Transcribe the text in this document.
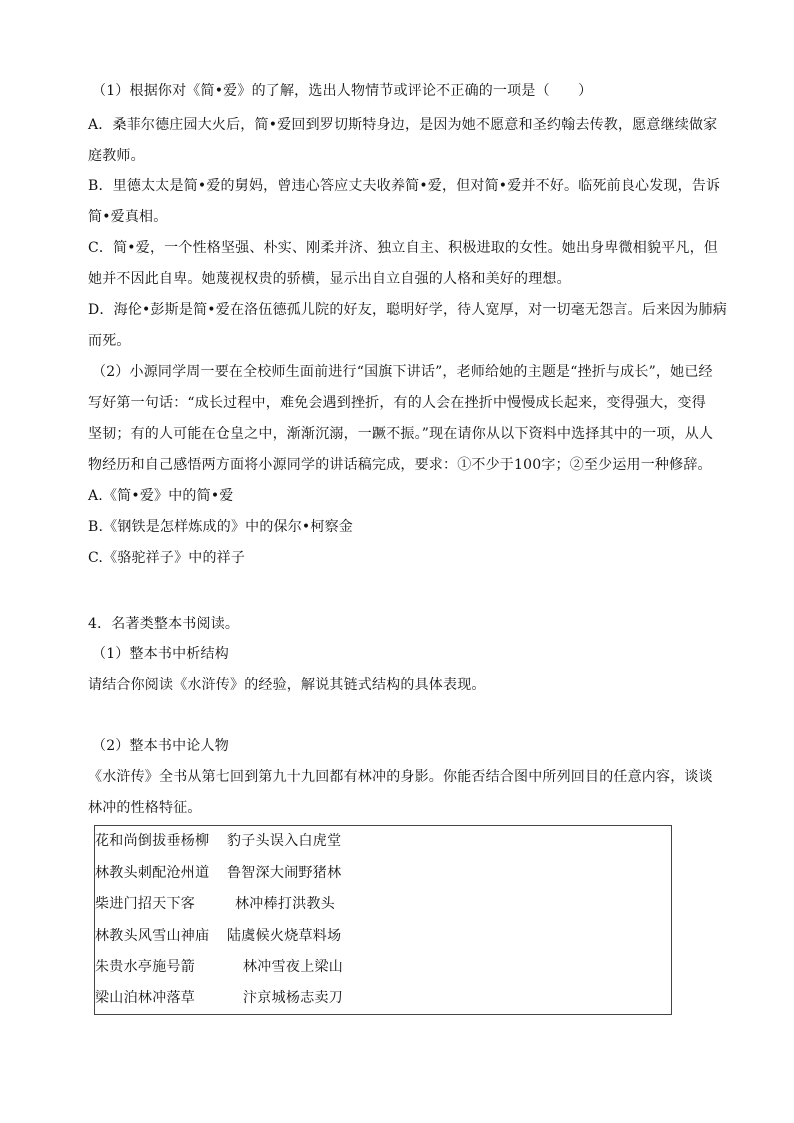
（1）根据你对《简•爱》的了解，选出人物情节或评论不正确的一项是（　　）
A．桑菲尔德庄园大火后，简•爱回到罗切斯特身边，是因为她不愿意和圣约翰去传教，愿意继续做家
庭教师。
B．里德太太是简•爱的舅妈，曾违心答应丈夫收养简•爱，但对简•爱并不好。临死前良心发现，告诉
简•爱真相。
C．简•爱，一个性格坚强、朴实、刚柔并济、独立自主、积极进取的女性。她出身卑微相貌平凡，但
她并不因此自卑。她蔑视权贵的骄横，显示出自立自强的人格和美好的理想。
D．海伦•彭斯是简•爱在洛伍德孤儿院的好友，聪明好学，待人宽厚，对一切毫无怨言。后来因为肺病
而死。
（2）小源同学周一要在全校师生面前进行“国旗下讲话”，老师给她的主题是“挫折与成长”，她已经
写好第一句话：“成长过程中，难免会遇到挫折，有的人会在挫折中慢慢成长起来，变得强大，变得
坚韧；有的人可能在仓皇之中，渐渐沉溺，一蹶不振。”现在请你从以下资料中选择其中的一项，从人
物经历和自己感悟两方面将小源同学的讲话稿完成，要求：①不少于100字；②至少运用一种修辞。
A.《简•爱》中的简•爱
B.《钢铁是怎样炼成的》中的保尔•柯察金
C.《骆驼祥子》中的祥子
4．名著类整本书阅读。
（1）整本书中析结构
请结合你阅读《水浒传》的经验，解说其链式结构的具体表现。
（2）整本书中论人物
《水浒传》全书从第七回到第九十九回都有林冲的身影。你能否结合图中所列回目的任意内容，谈谈
林冲的性格特征。
花和尚倒拔垂杨柳 豹子头误入白虎堂
林教头刺配沧州道 鲁智深大闹野猪林
柴进门招天下客	林冲棒打洪教头
林教头风雪山神庙 陆虞候火烧草料场
朱贵水亭施号箭	林冲雪夜上梁山
梁山泊林冲落草	汴京城杨志卖刀
